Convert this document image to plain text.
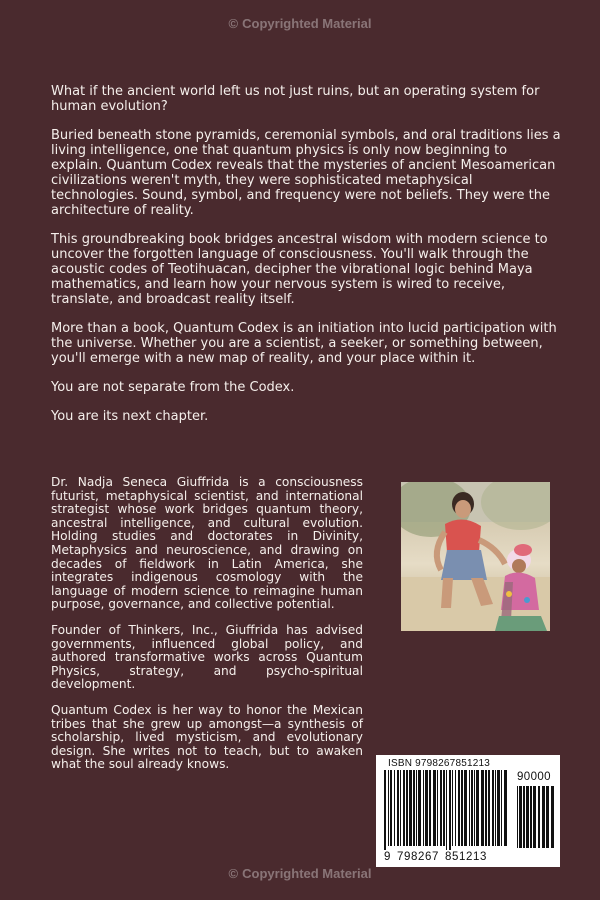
© Copyrighted Material

What if the ancient world left us not just ruins, but an operating system for human evolution?

Buried beneath stone pyramids, ceremonial symbols, and oral traditions lies a living intelligence, one that quantum physics is only now beginning to explain. Quantum Codex reveals that the mysteries of ancient Mesoamerican civilizations weren't myth, they were sophisticated metaphysical technologies. Sound, symbol, and frequency were not beliefs. They were the architecture of reality.

This groundbreaking book bridges ancestral wisdom with modern science to uncover the forgotten language of consciousness. You'll walk through the acoustic codes of Teotihuacan, decipher the vibrational logic behind Maya mathematics, and learn how your nervous system is wired to receive, translate, and broadcast reality itself.

More than a book, Quantum Codex is an initiation into lucid participation with the universe. Whether you are a scientist, a seeker, or something between, you'll emerge with a new map of reality, and your place within it.

You are not separate from the Codex.

You are its next chapter.

Dr. Nadja Seneca Giuffrida is a consciousness futurist, metaphysical scientist, and international strategist whose work bridges quantum theory, ancestral intelligence, and cultural evolution. Holding studies and doctorates in Divinity, Metaphysics and neuroscience, and drawing on decades of fieldwork in Latin America, she integrates indigenous cosmology with the language of modern science to reimagine human purpose, governance, and collective potential.

Founder of Thinkers, Inc., Giuffrida has advised governments, influenced global policy, and authored transformative works across Quantum Physics, strategy, and psycho-spiritual development.

Quantum Codex is her way to honor the Mexican tribes that she grew up amongst—a synthesis of scholarship, lived mysticism, and evolutionary design. She writes not to teach, but to awaken what the soul already knows.	ISBN 9798267851213
90000
9 798267 851213
© Copyrighted Material
